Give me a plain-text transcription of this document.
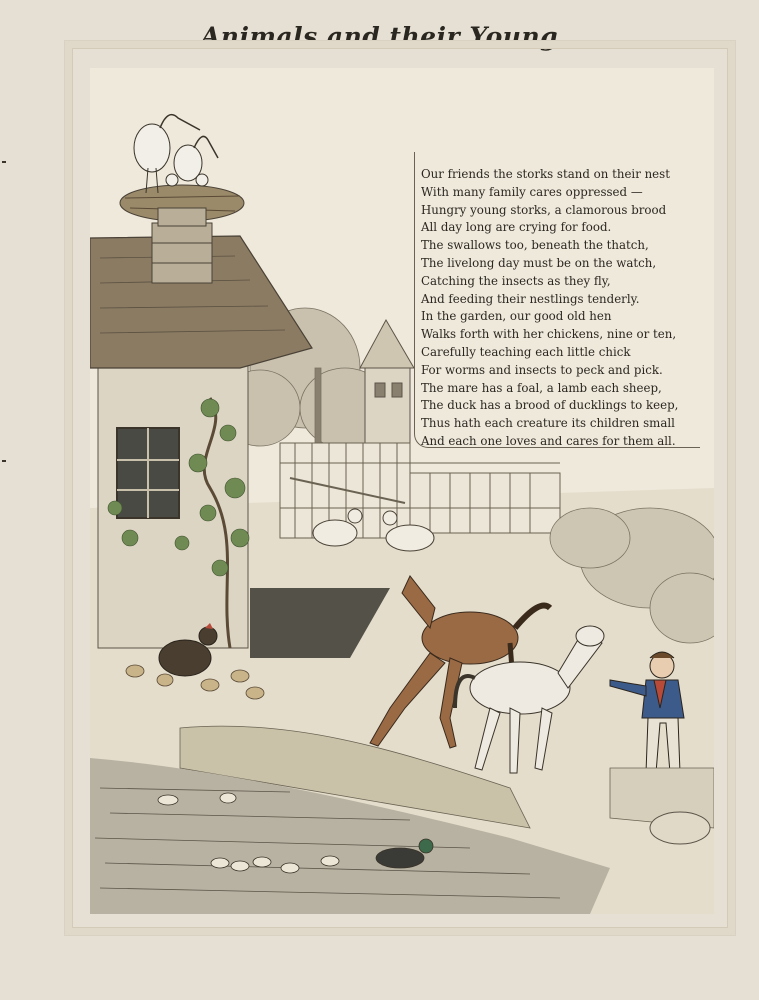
Animals and their Young
Our friends the storks stand on their nest
With many family cares oppressed —
Hungry young storks, a clamorous brood
All day long are crying for food.
The swallows too, beneath the thatch,
The livelong day must be on the watch,
Catching the insects as they fly,
And feeding their nestlings tenderly.
In the garden, our good old hen
Walks forth with her chickens, nine or ten,
Carefully teaching each little chick
For worms and insects to peck and pick.
The mare has a foal, a lamb each sheep,
The duck has a brood of ducklings to keep,
Thus hath each creature its children small
And each one loves and cares for them all.
